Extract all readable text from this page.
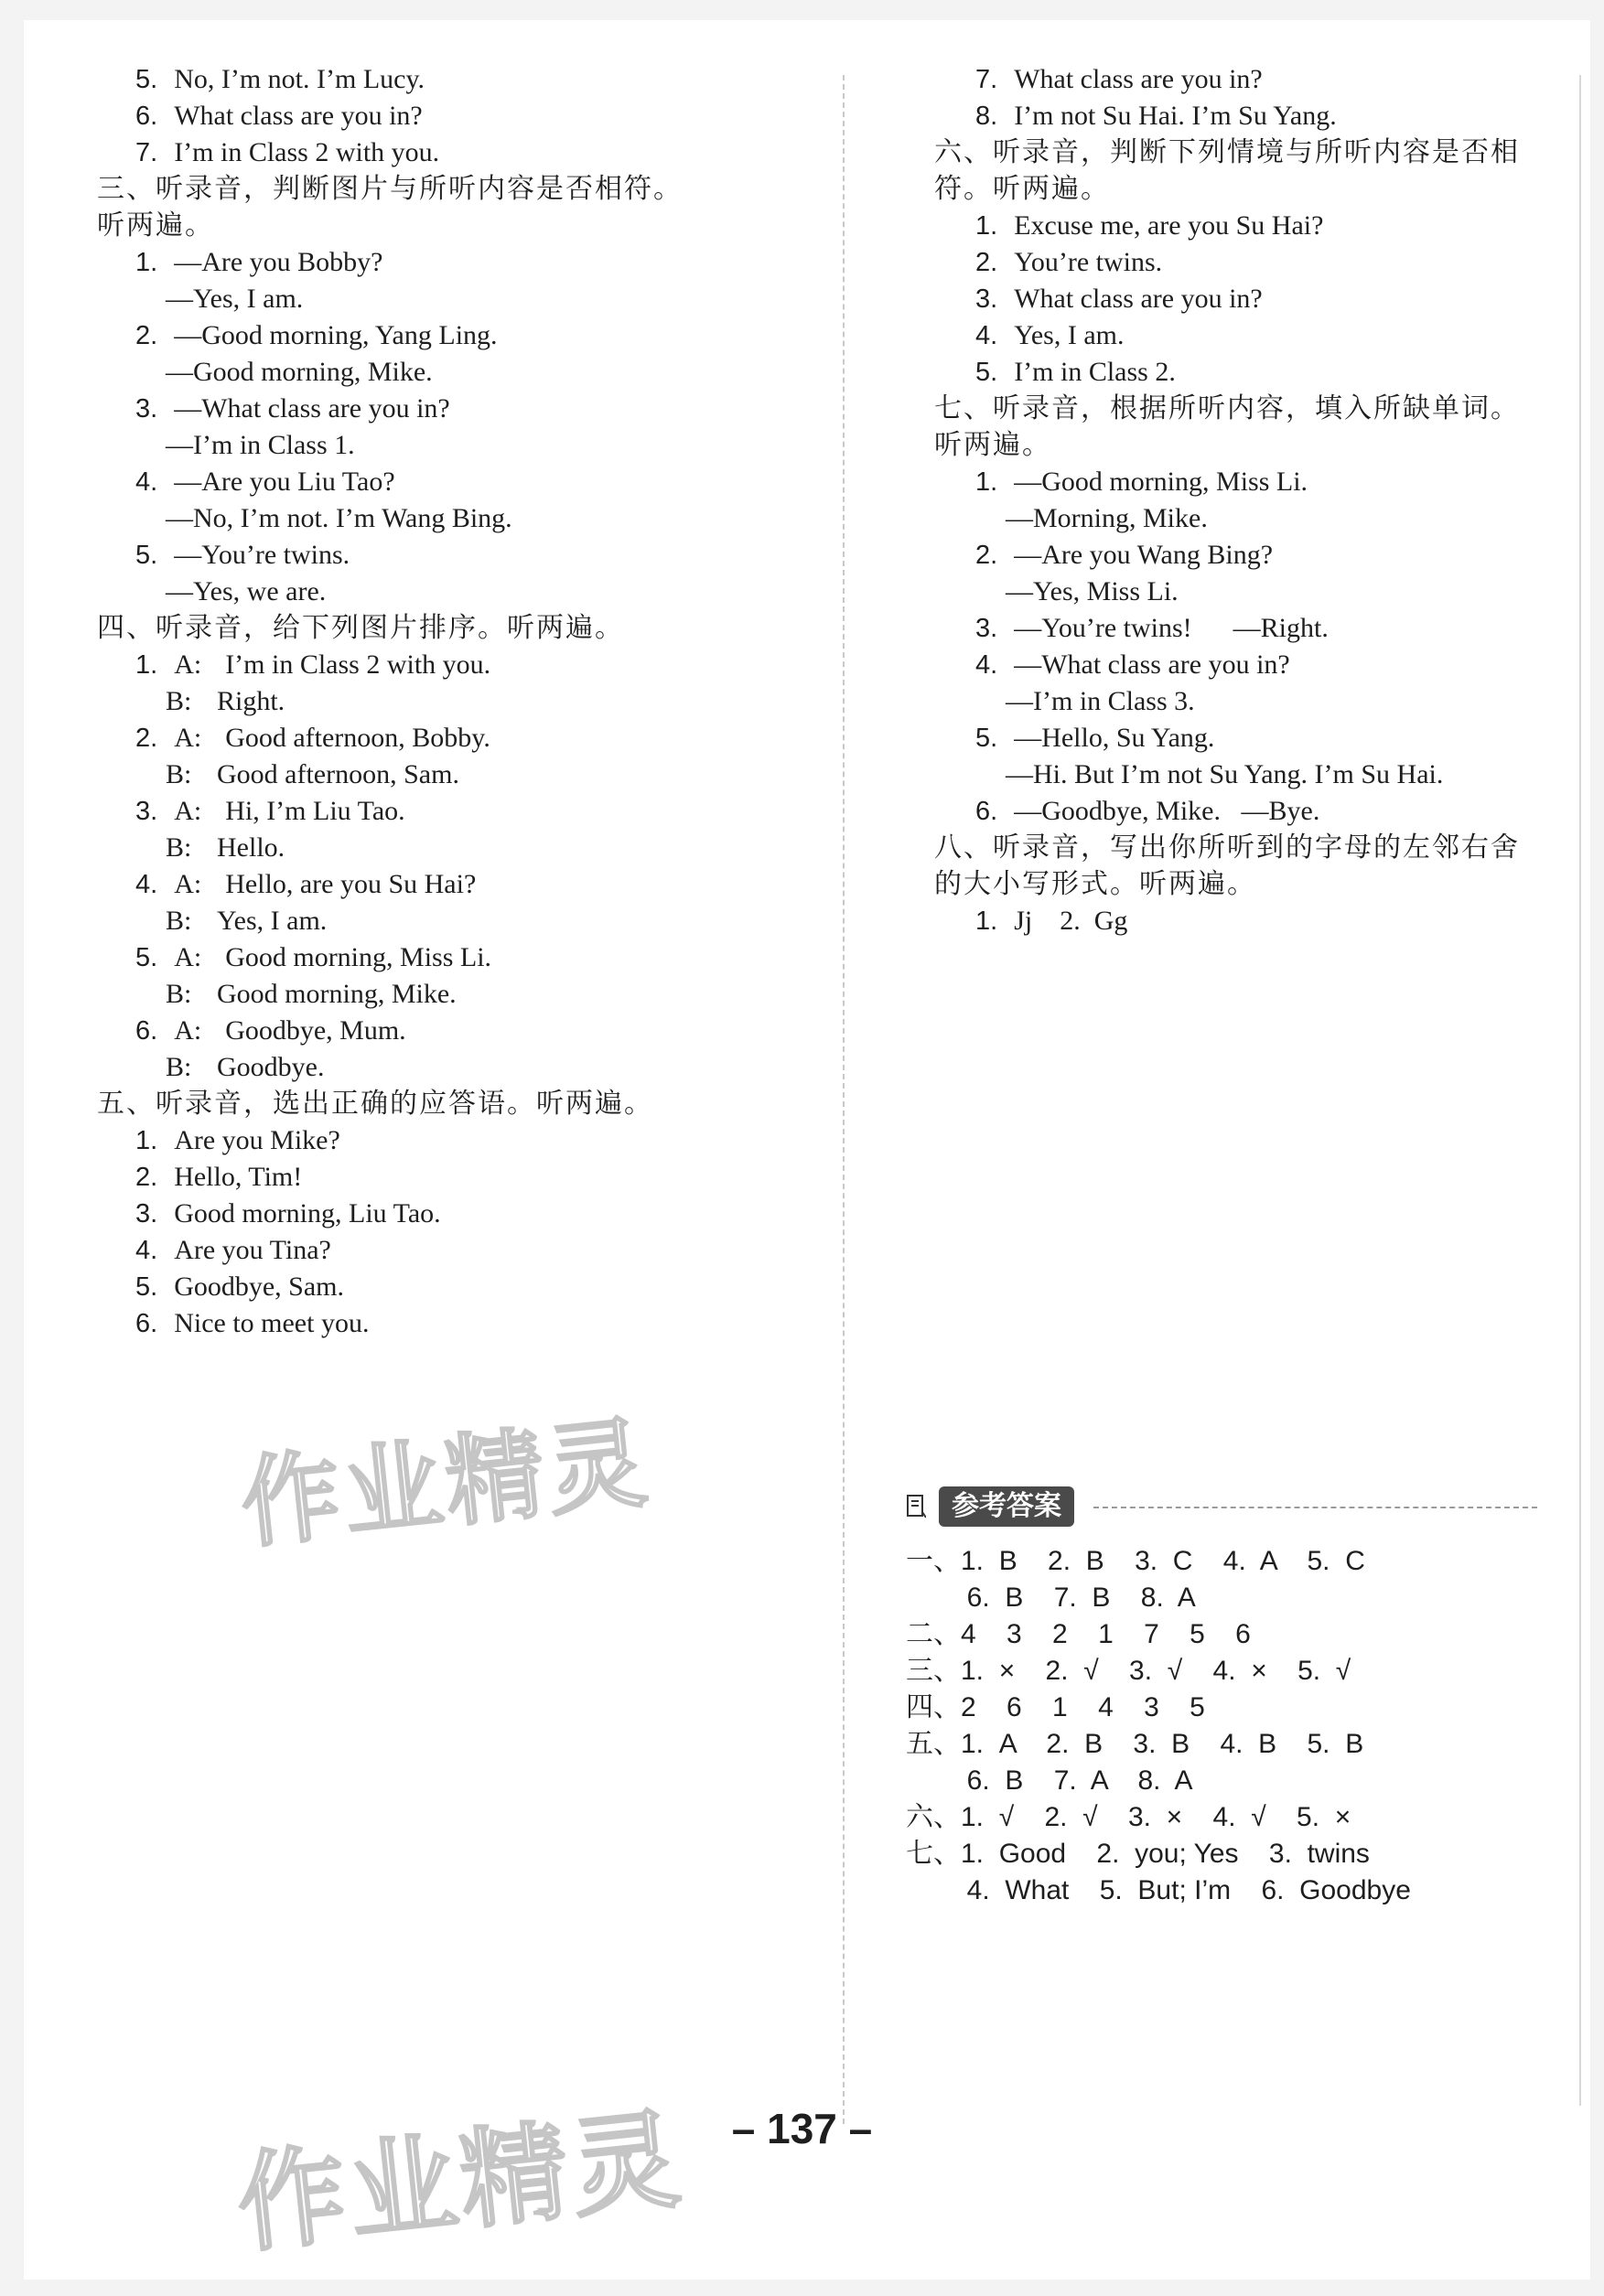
5. No, I’m not. I’m Lucy.
6. What class are you in?
7. I’m in Class 2 with you.
三、听录音，判断图片与所听内容是否相符。
听两遍。
1. —Are you Bobby?
—Yes, I am.
2. —Good morning, Yang Ling.
—Good morning, Mike.
3. —What class are you in?
—I’m in Class 1.
4. —Are you Liu Tao?
—No, I’m not. I’m Wang Bing.
5. —You’re twins.
—Yes, we are.
四、听录音，给下列图片排序。听两遍。
1. A: I’m in Class 2 with you.
B: Right.
2. A: Good afternoon, Bobby.
B: Good afternoon, Sam.
3. A: Hi, I’m Liu Tao.
B: Hello.
4. A: Hello, are you Su Hai?
B: Yes, I am.
5. A: Good morning, Miss Li.
B: Good morning, Mike.
6. A: Goodbye, Mum.
B: Goodbye.
五、听录音，选出正确的应答语。听两遍。
1. Are you Mike?
2. Hello, Tim!
3. Good morning, Liu Tao.
4. Are you Tina?
5. Goodbye, Sam.
6. Nice to meet you.
7. What class are you in?
8. I’m not Su Hai. I’m Su Yang.
六、听录音，判断下列情境与所听内容是否相
符。听两遍。
1. Excuse me, are you Su Hai?
2. You’re twins.
3. What class are you in?
4. Yes, I am.
5. I’m in Class 2.
七、听录音，根据所听内容，填入所缺单词。
听两遍。
1. —Good morning, Miss Li.
—Morning, Mike.
2. —Are you Wang Bing?
—Yes, Miss Li.
3. —You’re twins!      —Right.
4. —What class are you in?
—I’m in Class 3.
5. —Hello, Su Yang.
—Hi. But I’m not Su Yang. I’m Su Hai.
6. —Goodbye, Mike.   —Bye.
八、听录音，写出你所听到的字母的左邻右舍
的大小写形式。听两遍。
1. Jj    2.  Gg
参考答案
一、1.  B    2.  B    3.  C    4.  A    5.  C
6.  B    7.  B    8.  A
二、4    3    2    1    7    5    6
三、1.  ×    2.  √    3.  √    4.  ×    5.  √
四、2    6    1    4    3    5
五、1.  A    2.  B    3.  B    4.  B    5.  B
6.  B    7.  A    8.  A
六、1.  √    2.  √    3.  ×    4.  √    5.  ×
七、1.  Good    2.  you; Yes    3.  twins
4.  What    5.  But; I’m    6.  Goodbye
– 137 –
作业精灵
作业精灵
